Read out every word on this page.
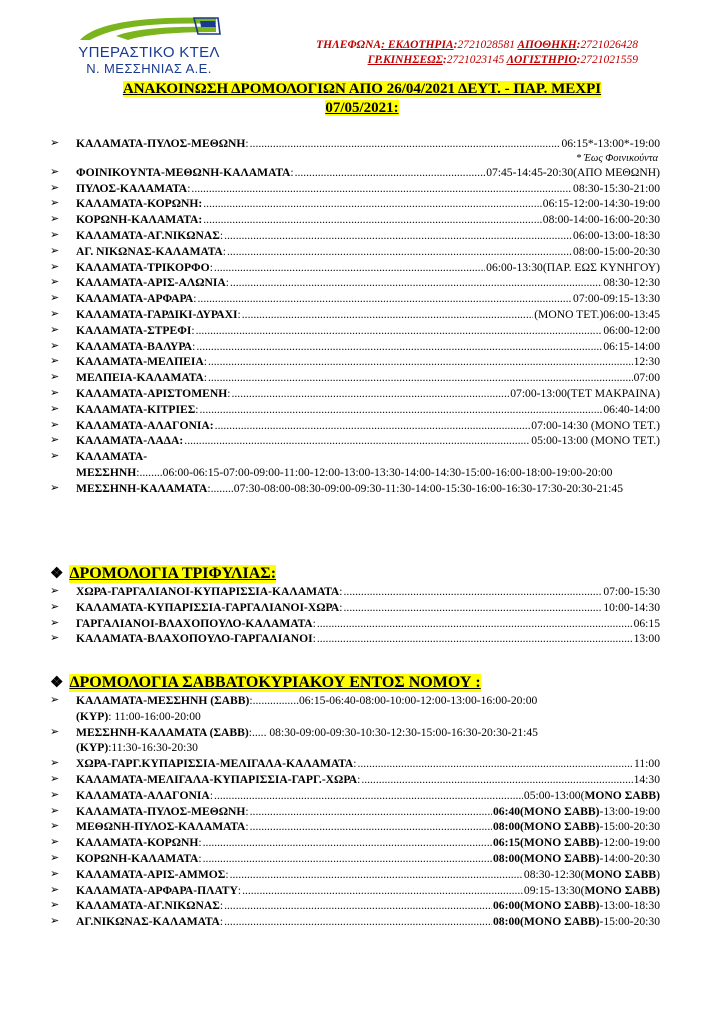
ΥΠΕΡΑΣΤΙΚΟ ΚΤΕΛ
Ν. ΜΕΣΣΗΝΙΑΣ Α.Ε.
ΤΗΛΕΦΩΝΑ: ΕΚΔΟΤΗΡΙΑ:2721028581 ΑΠΟΘΗΚΗ:2721026428
ΓΡ.ΚΙΝΗΣΕΩΣ:2721023145 ΛΟΓΙΣΤΗΡΙΟ:2721021559
ΑΝΑΚΟΙΝΩΣΗ ΔΡΟΜΟΛΟΓΙΩΝ ΑΠΟ 26/04/2021 ΔΕΥΤ. - ΠΑΡ. ΜΕΧΡΙ
07/05/2021:
➢ ΚΑΛΑΜΑΤΑ-ΠΥΛΟΣ-ΜΕΘΩΝΗ : .....	06:15*-13:00*-19:00
* Έως Φοινικούντα
➢ ΦΟΙΝΙΚΟΥΝΤΑ-ΜΕΘΩΝΗ-ΚΑΛΑΜΑΤΑ : .....	07:45-14:45-20:30(ΑΠΟ ΜΕΘΩΝΗ)
➢ ΠΥΛΟΣ-ΚΑΛΑΜΑΤΑ : .....	08:30-15:30-21:00
➢ ΚΑΛΑΜΑΤΑ-ΚΟΡΩΝΗ: .....	06:15-12:00-14:30-19:00
➢ ΚΟΡΩΝΗ-ΚΑΛΑΜΑΤΑ: .....	08:00-14:00-16:00-20:30
➢ ΚΑΛΑΜΑΤΑ-ΑΓ.ΝΙΚΩΝΑΣ : .....	06:00-13:00-18:30
➢ ΑΓ. ΝΙΚΩΝΑΣ-ΚΑΛΑΜΑΤΑ : .....	08:00-15:00-20:30
➢ ΚΑΛΑΜΑΤΑ-ΤΡΙΚΟΡΦΟ : .....	06:00-13:30(ΠΑΡ. ΕΩΣ ΚΥΝΗΓΟΥ)
➢ ΚΑΛΑΜΑΤΑ-ΑΡΙΣ-ΑΛΩΝΙΑ : .....	08:30-12:30
➢ ΚΑΛΑΜΑΤΑ-ΑΡΦΑΡΑ : .....	07:00-09:15-13:30
➢ ΚΑΛΑΜΑΤΑ-ΓΑΡΔΙΚΙ-ΔΥΡΑΧΙ : .....	(ΜΟΝΟ ΤΕΤ.)06:00-13:45
➢ ΚΑΛΑΜΑΤΑ-ΣΤΡΕΦΙ : .....	06:00-12:00
➢ ΚΑΛΑΜΑΤΑ-ΒΑΛΥΡΑ : .....	06:15-14:00
➢ ΚΑΛΑΜΑΤΑ-ΜΕΛΠΕΙΑ : .....	12:30
➢ ΜΕΛΠΕΙΑ-ΚΑΛΑΜΑΤΑ : .....	07:00
➢ ΚΑΛΑΜΑΤΑ-ΑΡΙΣΤΟΜΕΝΗ : .....	07:00-13:00(ΤΕΤ ΜΑΚΡΑΙΝΑ)
➢ ΚΑΛΑΜΑΤΑ-ΚΙΤΡΙΕΣ : .....	06:40-14:00
➢ ΚΑΛΑΜΑΤΑ-ΑΛΑΓΟΝΙΑ: .....	07:00-14:30 (ΜΟΝΟ ΤΕΤ.)
➢ ΚΑΛΑΜΑΤΑ-ΛΑΔΑ: .....	05:00-13:00 (ΜΟΝΟ ΤΕΤ.)
➢ ΚΑΛΑΜΑΤΑ-ΜΕΣΣΗΝΗ:........06:00-06:15-07:00-09:00-11:00-12:00-13:00-13:30-14:00-14:30-15:00-16:00-18:00-19:00-20:00
➢ ΜΕΣΣΗΝΗ-ΚΑΛΑΜΑΤΑ:........07:30-08:00-08:30-09:00-09:30-11:30-14:00-15:30-16:00-16:30-17:30-20:30-21:45
❖ ΔΡΟΜΟΛΟΓΙΑ ΤΡΙΦΥΛΙΑΣ:
➢ ΧΩΡΑ-ΓΑΡΓΑΛΙΑΝΟΙ-ΚΥΠΑΡΙΣΣΙΑ-ΚΑΛΑΜΑΤΑ : .....	07:00-15:30
➢ ΚΑΛΑΜΑΤΑ-ΚΥΠΑΡΙΣΣΙΑ-ΓΑΡΓΑΛΙΑΝΟΙ-ΧΩΡΑ : .....	10:00-14:30
➢ ΓΑΡΓΑΛΙΑΝΟΙ-ΒΛΑΧΟΠΟΥΛΟ-ΚΑΛΑΜΑΤΑ : .....	06:15
➢ ΚΑΛΑΜΑΤΑ-ΒΛΑΧΟΠΟΥΛΟ-ΓΑΡΓΑΛΙΑΝΟΙ : .....	13:00
❖ ΔΡΟΜΟΛΟΓΙΑ ΣΑΒΒΑΤΟΚΥΡΙΑΚΟΥ ΕΝΤΟΣ ΝΟΜΟΥ :
➢ ΚΑΛΑΜΑΤΑ-ΜΕΣΣΗΝΗ (ΣΑΒΒ):................06:15-06:40-08:00-10:00-12:00-13:00-16:00-20:00
(ΚΥΡ): 11:00-16:00-20:00
➢ ΜΕΣΣΗΝΗ-ΚΑΛΑΜΑΤΑ (ΣΑΒΒ):..... 08:30-09:00-09:30-10:30-12:30-15:00-16:30-20:30-21:45
(ΚΥΡ):11:30-16:30-20:30
➢ ΧΩΡΑ-ΓΑΡΓ.ΚΥΠΑΡΙΣΣΙΑ-ΜΕΛΙΓΑΛΑ-ΚΑΛΑΜΑΤΑ : .....	11:00
➢ ΚΑΛΑΜΑΤΑ-ΜΕΛΙΓΑΛΑ-ΚΥΠΑΡΙΣΣΙΑ-ΓΑΡΓ.-ΧΩΡΑ : .....	14:30
➢ ΚΑΛΑΜΑΤΑ-ΑΛΑΓΟΝΙΑ : .....	05:00-13:00( ΜΟΝΟ ΣΑΒΒ)
➢ ΚΑΛΑΜΑΤΑ-ΠΥΛΟΣ-ΜΕΘΩΝΗ : .....	06:40(ΜΟΝΟ ΣΑΒΒ) -13:00-19:00
➢ ΜΕΘΩΝΗ-ΠΥΛΟΣ-ΚΑΛΑΜΑΤΑ : .....	08:00(ΜΟΝΟ ΣΑΒΒ) -15:00-20:30
➢ ΚΑΛΑΜΑΤΑ-ΚΟΡΩΝΗ : .....	06:15(ΜΟΝΟ ΣΑΒΒ) -12:00-19:00
➢ ΚΟΡΩΝΗ-ΚΑΛΑΜΑΤΑ : .....	08:00(ΜΟΝΟ ΣΑΒΒ) -14:00-20:30
➢ ΚΑΛΑΜΑΤΑ-ΑΡΙΣ-ΑΜΜΟΣ : .....	08:30-12:30( ΜΟΝΟ ΣΑΒΒ )
➢ ΚΑΛΑΜΑΤΑ-ΑΡΦΑΡΑ-ΠΛΑΤΥ : .....	09:15-13:30( ΜΟΝΟ ΣΑΒΒ)
➢ ΚΑΛΑΜΑΤΑ-ΑΓ.ΝΙΚΩΝΑΣ : .....	06:00(ΜΟΝΟ ΣΑΒΒ) -13:00-18:30
➢ ΑΓ.ΝΙΚΩΝΑΣ-ΚΑΛΑΜΑΤΑ : .....	08:00(ΜΟΝΟ ΣΑΒΒ) -15:00-20:30
